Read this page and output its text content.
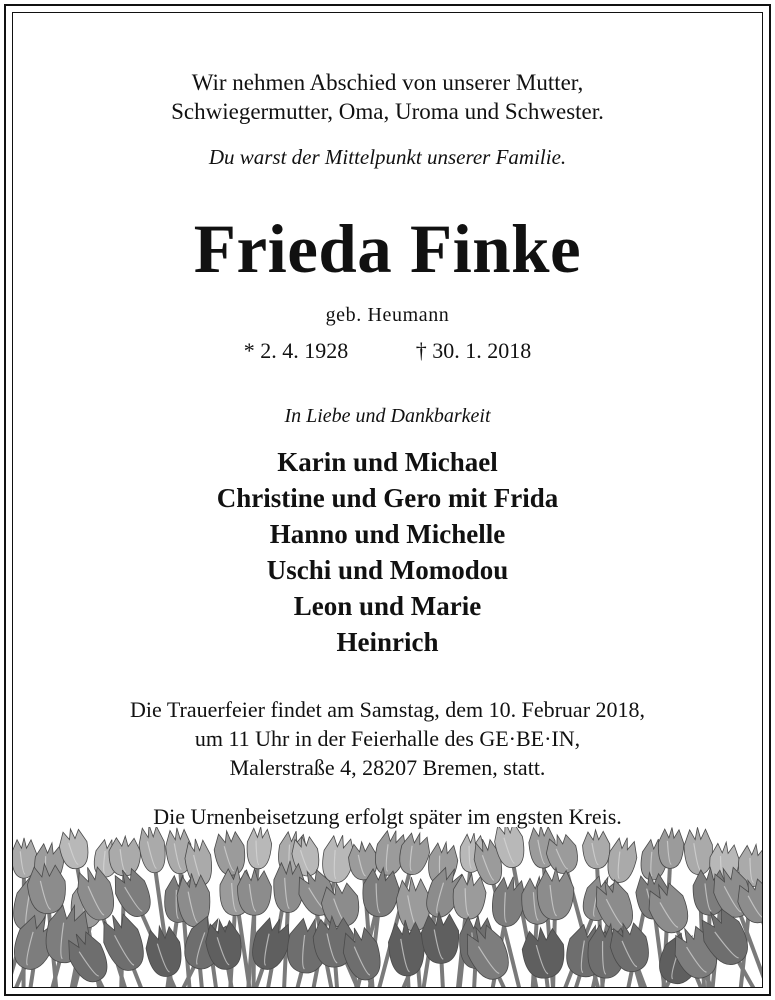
Wir nehmen Abschied von unserer Mutter,
Schwiegermutter, Oma, Uroma und Schwester.
Du warst der Mittelpunkt unserer Familie.
Frieda Finke
geb. Heumann
* 2. 4. 1928	† 30. 1. 2018
In Liebe und Dankbarkeit
Karin und Michael
Christine und Gero mit Frida
Hanno und Michelle
Uschi und Momodou
Leon und Marie
Heinrich
Die Trauerfeier findet am Samstag, dem 10. Februar 2018,
um 11 Uhr in der Feierhalle des GE·BE·IN,
Malerstraße 4, 28207 Bremen, statt.
Die Urnenbeisetzung erfolgt später im engsten Kreis.
